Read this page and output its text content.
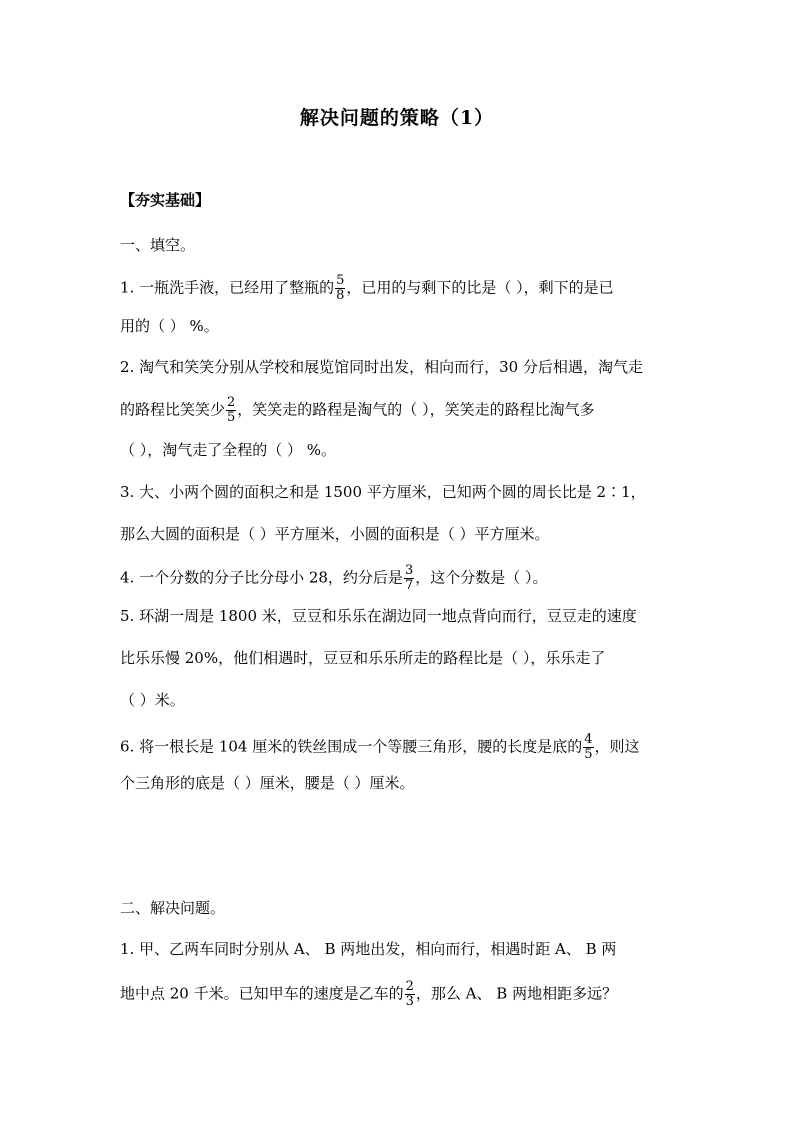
解决问题的策略（1）
【夯实基础】
一、填空。
1. 一瓶洗手液，已经用了整瓶的 $\frac{5}{8}$ ，已用的与剩下的比是（ ），剩下的是已
用的（ ） %。
2. 淘气和笑笑分别从学校和展览馆同时出发，相向而行，30 分后相遇，淘气走
的路程比笑笑少 $\frac{2}{5}$ ，笑笑走的路程是淘气的（ ），笑笑走的路程比淘气多
（ ），淘气走了全程的（ ） %。
3. 大、小两个圆的面积之和是 1500 平方厘米，已知两个圆的周长比是 2∶1，
那么大圆的面积是（ ）平方厘米，小圆的面积是（ ）平方厘米。
4. 一个分数的分子比分母小 28，约分后是 $\frac{3}{7}$ ，这个分数是（ ）。
5. 环湖一周是 1800 米，豆豆和乐乐在湖边同一地点背向而行，豆豆走的速度
比乐乐慢 20%，他们相遇时，豆豆和乐乐所走的路程比是（ ），乐乐走了
（ ）米。
6. 将一根长是 104 厘米的铁丝围成一个等腰三角形，腰的长度是底的 $\frac{4}{5}$ ，则这
个三角形的底是（ ）厘米，腰是（ ）厘米。
二、解决问题。
1. 甲、乙两车同时分别从 A、 B 两地出发，相向而行，相遇时距 A、 B 两
地中点 20 千米。已知甲车的速度是乙车的 $\frac{2}{3}$ ，那么 A、 B 两地相距多远？
